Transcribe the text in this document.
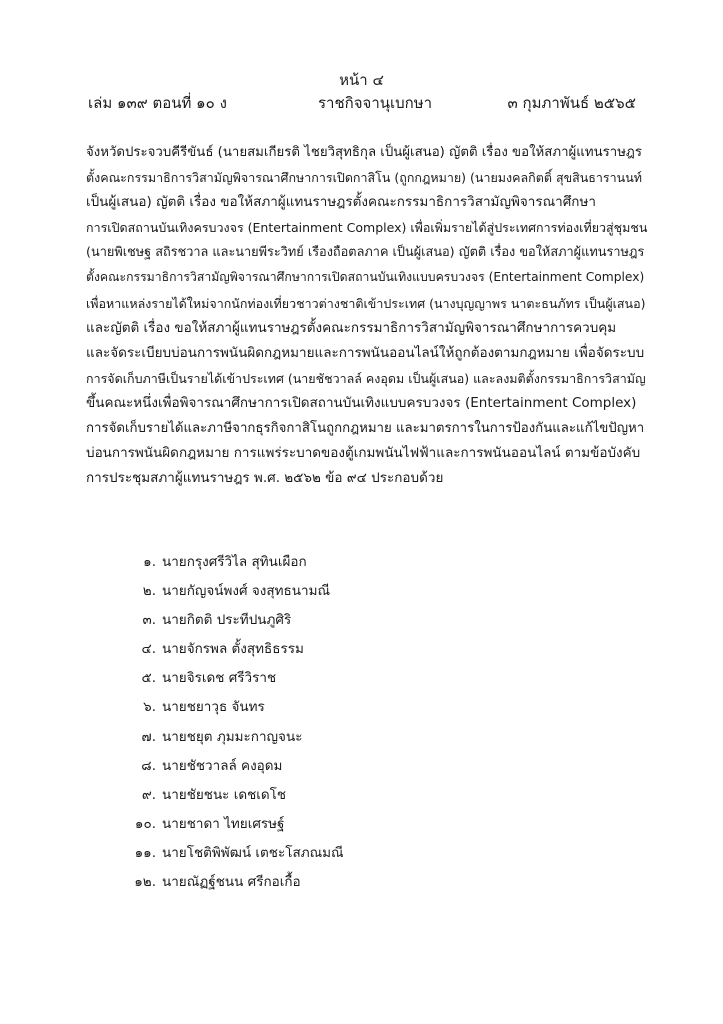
หน้า ๔
เล่ม ๑๓๙ ตอนที่ ๑๐ ง	ราชกิจจานุเบกษา	๓ กุมภาพันธ์ ๒๕๖๕
จังหวัดประจวบคีรีขันธ์ (นายสมเกียรติ ไชยวิสุทธิกุล เป็นผู้เสนอ) ญัตติ เรื่อง ขอให้สภาผู้แทนราษฎร
ตั้งคณะกรรมาธิการวิสามัญพิจารณาศึกษาการเปิดกาสิโน (ถูกกฎหมาย) (นายมงคลกิตติ์ สุขสินธารานนท์
เป็นผู้เสนอ) ญัตติ เรื่อง ขอให้สภาผู้แทนราษฎรตั้งคณะกรรมาธิการวิสามัญพิจารณาศึกษา
การเปิดสถานบันเทิงครบวงจร (Entertainment Complex) เพื่อเพิ่มรายได้สู่ประเทศการท่องเที่ยวสู่ชุมชน
(นายพิเชษฐ สถิรชวาล และนายพีระวิทย์ เรืองถือตลภาค เป็นผู้เสนอ) ญัตติ เรื่อง ขอให้สภาผู้แทนราษฎร
ตั้งคณะกรรมาธิการวิสามัญพิจารณาศึกษาการเปิดสถานบันเทิงแบบครบวงจร (Entertainment Complex)
เพื่อหาแหล่งรายได้ใหม่จากนักท่องเที่ยวชาวต่างชาติเข้าประเทศ (นางบุญญาพร นาตะธนภัทร เป็นผู้เสนอ)
และญัตติ เรื่อง ขอให้สภาผู้แทนราษฎรตั้งคณะกรรมาธิการวิสามัญพิจารณาศึกษาการควบคุม
และจัดระเบียบบ่อนการพนันผิดกฎหมายและการพนันออนไลน์ให้ถูกต้องตามกฎหมาย เพื่อจัดระบบ
การจัดเก็บภาษีเป็นรายได้เข้าประเทศ (นายชัชวาลล์ คงอุดม เป็นผู้เสนอ) และลงมติตั้งกรรมาธิการวิสามัญ
ขึ้นคณะหนึ่งเพื่อพิจารณาศึกษาการเปิดสถานบันเทิงแบบครบวงจร (Entertainment Complex)
การจัดเก็บรายได้และภาษีจากธุรกิจกาสิโนถูกกฎหมาย และมาตรการในการป้องกันและแก้ไขปัญหา
บ่อนการพนันผิดกฎหมาย การแพร่ระบาดของตู้เกมพนันไฟฟ้าและการพนันออนไลน์ ตามข้อบังคับ
การประชุมสภาผู้แทนราษฎร พ.ศ. ๒๕๖๒ ข้อ ๙๔ ประกอบด้วย
๑. นายกรุงศรีวิไล สุทินเผือก
๒. นายกัญจน์พงศ์ จงสุทธนามณี
๓. นายกิตติ ประทีปนภูศิริ
๔. นายจักรพล ตั้งสุทธิธรรม
๕. นายจิรเดช ศรีวิราช
๖. นายชยาวุธ จันทร
๗. นายชยุต ภุมมะกาญจนะ
๘. นายชัชวาลล์ คงอุดม
๙. นายชัยชนะ เดชเดโช
๑๐. นายชาดา ไทยเศรษฐ์
๑๑. นายโชติพิพัฒน์ เตชะโสภณมณี
๑๒. นายณัฏฐ์ชนน ศรีกอเกื้อ
